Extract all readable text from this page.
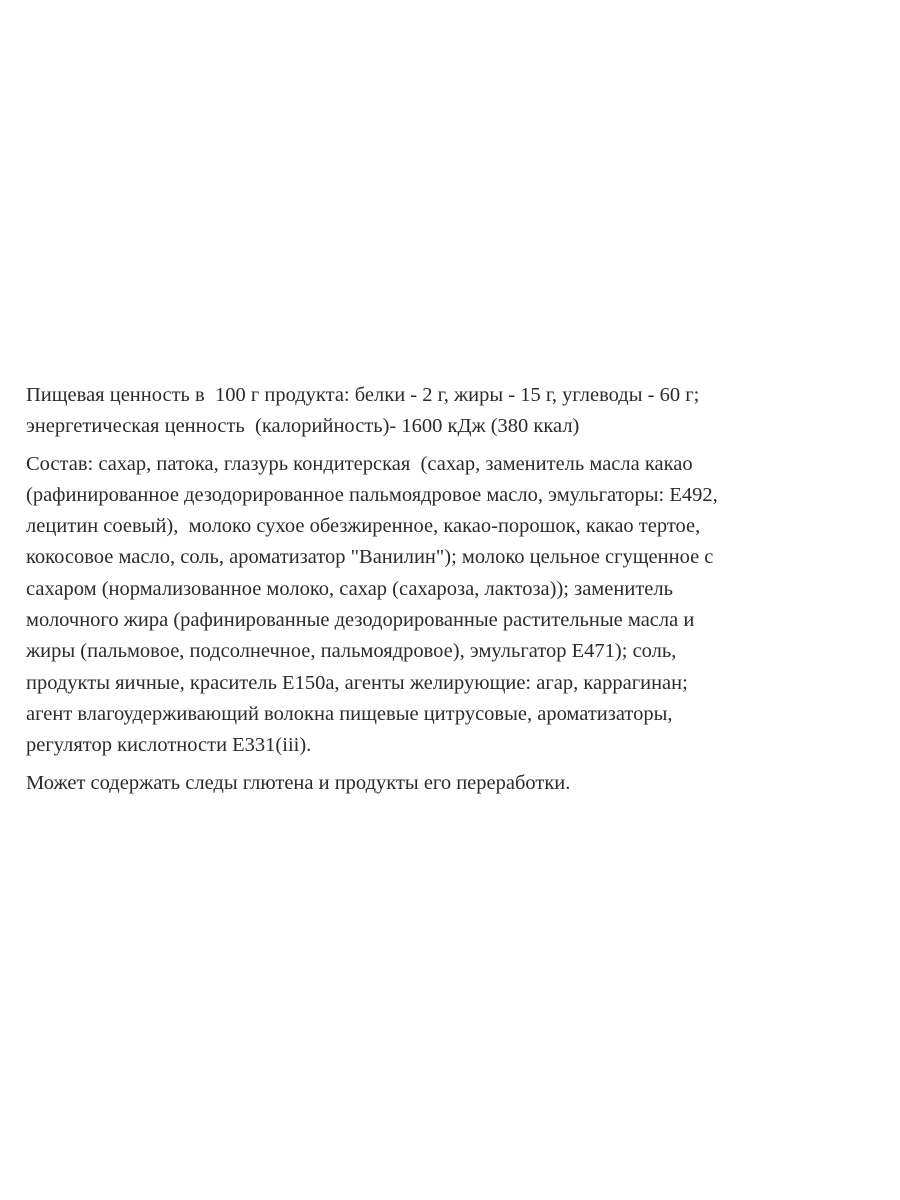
Пищевая ценность в  100 г продукта: белки - 2 г, жиры - 15 г, углеводы - 60 г;
энергетическая ценность  (калорийность)- 1600 кДж (380 ккал)

Состав: сахар, патока, глазурь кондитерская  (сахар, заменитель масла какао
(рафинированное дезодорированное пальмоядровое масло, эмульгаторы: Е492,
лецитин соевый),  молоко сухое обезжиренное, какао-порошок, какао тертое,
кокосовое масло, соль, ароматизатор "Ванилин"); молоко цельное сгущенное с
сахаром (нормализованное молоко, сахар (сахароза, лактоза)); заменитель
молочного жира (рафинированные дезодорированные растительные масла и
жиры (пальмовое, подсолнечное, пальмоядровое), эмульгатор Е471); соль,
продукты яичные, краситель Е150а, агенты желирующие: агар, каррагинан;
агент влагоудерживающий волокна пищевые цитрусовые, ароматизаторы,
регулятор кислотности Е331(iii).

Может содержать следы глютена и продукты его переработки.
